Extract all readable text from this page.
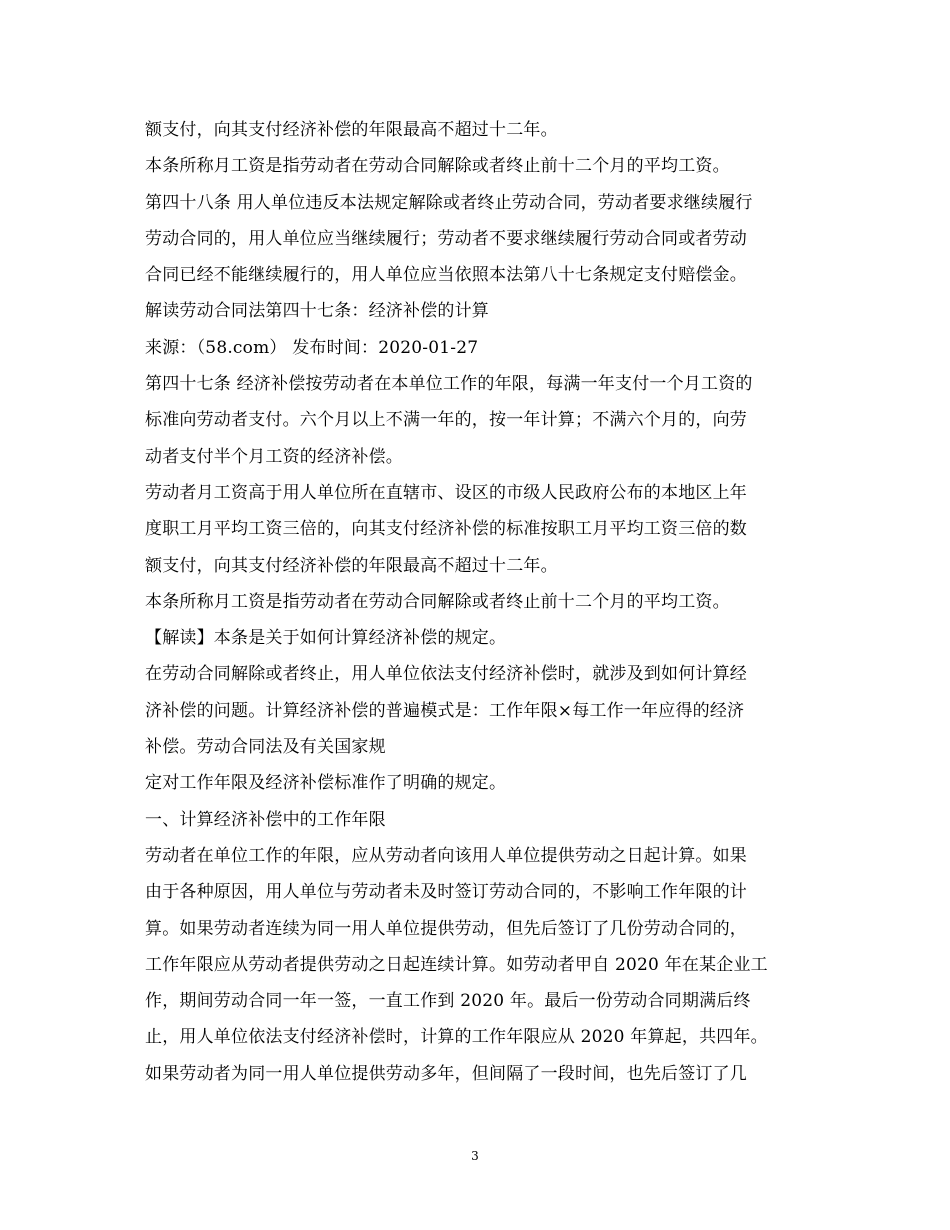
额支付，向其支付经济补偿的年限最高不超过十二年。
本条所称月工资是指劳动者在劳动合同解除或者终止前十二个月的平均工资。
第四十八条 用人单位违反本法规定解除或者终止劳动合同，劳动者要求继续履行
劳动合同的，用人单位应当继续履行；劳动者不要求继续履行劳动合同或者劳动
合同已经不能继续履行的，用人单位应当依照本法第八十七条规定支付赔偿金。
解读劳动合同法第四十七条：经济补偿的计算
来源：（58.com） 发布时间：2020-01-27
第四十七条 经济补偿按劳动者在本单位工作的年限，每满一年支付一个月工资的
标准向劳动者支付。六个月以上不满一年的，按一年计算；不满六个月的，向劳
动者支付半个月工资的经济补偿。
劳动者月工资高于用人单位所在直辖市、设区的市级人民政府公布的本地区上年
度职工月平均工资三倍的，向其支付经济补偿的标准按职工月平均工资三倍的数
额支付，向其支付经济补偿的年限最高不超过十二年。
本条所称月工资是指劳动者在劳动合同解除或者终止前十二个月的平均工资。
【解读】本条是关于如何计算经济补偿的规定。
在劳动合同解除或者终止，用人单位依法支付经济补偿时，就涉及到如何计算经
济补偿的问题。计算经济补偿的普遍模式是：工作年限×每工作一年应得的经济
补偿。劳动合同法及有关国家规
定对工作年限及经济补偿标准作了明确的规定。
一、计算经济补偿中的工作年限
劳动者在单位工作的年限，应从劳动者向该用人单位提供劳动之日起计算。如果
由于各种原因，用人单位与劳动者未及时签订劳动合同的，不影响工作年限的计
算。如果劳动者连续为同一用人单位提供劳动，但先后签订了几份劳动合同的，
工作年限应从劳动者提供劳动之日起连续计算。如劳动者甲自 2020 年在某企业工
作，期间劳动合同一年一签，一直工作到 2020 年。最后一份劳动合同期满后终
止，用人单位依法支付经济补偿时，计算的工作年限应从 2020 年算起，共四年。
如果劳动者为同一用人单位提供劳动多年，但间隔了一段时间，也先后签订了几
3
